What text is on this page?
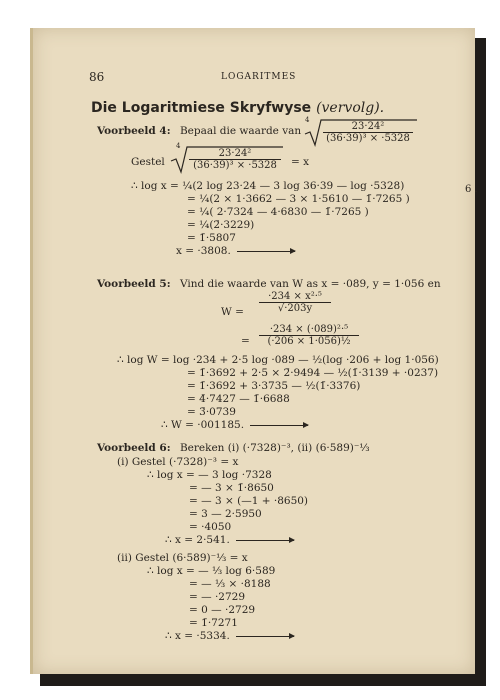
86	LOGARITMES
6 .
Die Logaritmiese Skryfwyse (vervolg).
Voorbeeld 4: Bepaal die waarde van
4
$\frac{\text{23·24²}}{\text{(36·39)³ × ·5328}}$
Gestel
4
$\frac{\text{23·24²}}{\text{(36·39)³ × ·5328}} = x$
∴ log x = ¼(2 log 23·24 — 3 log 36·39 — log ·5328)
= ¼(2 × 1·3662 — 3 × 1·5610 — 1̄·7265 )
= ¼( 2·7324 — 4·6830 — 1̄·7265 )
= ¼(2̄·3229)
= 1̄·5807
x = ·3808.
Voorbeeld 5: Vind die waarde van W as x = ·089, y = 1·056 en
$W = \frac{\text{·234 × x²·⁵}}{√\cdot 203y}$
= $\frac{\text{·234 × (·089)²·⁵}}{\text{(·206 × 1·056)½}}$
∴ log W = log ·234 + 2·5 log ·089 — ½(log ·206 + log 1·056)
= 1̄·3692 + 2·5 × 2̄·9494 — ½(1̄·3139 + ·0237)
= 1̄·3692 + 3·3735 — ½(1̄·3376)
= 4̄·7427 — 1̄·6688
= 3̄·0739
∴ W = ·001185.
Voorbeeld 6: Bereken (i) (·7328)⁻³, (ii) (6·589)⁻⅓
(i) Gestel (·7328)⁻³ = x
∴ log x = — 3 log ·7328
= — 3 × 1̄·8650
= — 3 × (—1 + ·8650)
= 3 — 2·5950
= ·4050
∴ x = 2·541.
(ii) Gestel (6·589)⁻⅓ = x
∴ log x = — ⅓ log 6·589
= — ⅓ × ·8188
= — ·2729
= 0 — ·2729
= 1̄·7271
∴ x = ·5334.
